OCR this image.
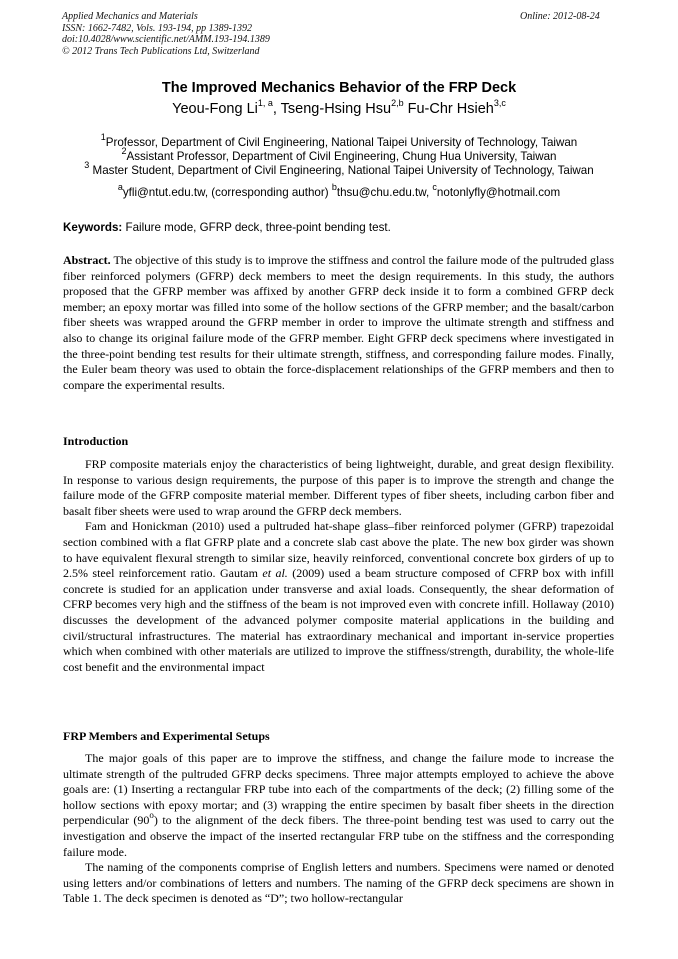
Applied Mechanics and Materials
ISSN: 1662-7482, Vols. 193-194, pp 1389-1392
doi:10.4028/www.scientific.net/AMM.193-194.1389
© 2012 Trans Tech Publications Ltd, Switzerland
Online: 2012-08-24
The Improved Mechanics Behavior of the FRP Deck
Yeou-Fong Li$^{1, a}$, Tseng-Hsing Hsu$^{2,b}$ Fu-Chr Hsieh$^{3,c}$
$^1$Professor, Department of Civil Engineering, National Taipei University of Technology, Taiwan
$^2$Assistant Professor, Department of Civil Engineering, Chung Hua University, Taiwan
$^3$ Master Student, Department of Civil Engineering, National Taipei University of Technology, Taiwan
$^a$yfli@ntut.edu.tw, (corresponding author) $^b$thsu@chu.edu.tw, $^c$notonlyfly@hotmail.com
Keywords: Failure mode, GFRP deck, three-point bending test.

Abstract. The objective of this study is to improve the stiffness and control the failure mode of the pultruded glass fiber reinforced polymers (GFRP) deck members to meet the design requirements. In this study, the authors proposed that the GFRP member was affixed by another GFRP deck inside it to form a combined GFRP deck member; an epoxy mortar was filled into some of the hollow sections of the GFRP member; and the basalt/carbon fiber sheets was wrapped around the GFRP member in order to improve the ultimate strength and stiffness and also to change its original failure mode of the GFRP member. Eight GFRP deck specimens where investigated in the three-point bending test results for their ultimate strength, stiffness, and corresponding failure modes. Finally, the Euler beam theory was used to obtain the force-displacement relationships of the GFRP members and then to compare the experimental results.

Introduction

FRP composite materials enjoy the characteristics of being lightweight, durable, and great design flexibility. In response to various design requirements, the purpose of this paper is to improve the strength and change the failure mode of the GFRP composite material member. Different types of fiber sheets, including carbon fiber and basalt fiber sheets were used to wrap around the GFRP deck members.

Fam and Honickman (2010) used a pultruded hat-shape glass–fiber reinforced polymer (GFRP) trapezoidal section combined with a flat GFRP plate and a concrete slab cast above the plate. The new box girder was shown to have equivalent flexural strength to similar size, heavily reinforced, conventional concrete box girders of up to 2.5% steel reinforcement ratio. Gautam et al. (2009) used a beam structure composed of CFRP box with infill concrete is studied for an application under transverse and axial loads. Consequently, the shear deformation of CFRP becomes very high and the stiffness of the beam is not improved even with concrete infill. Hollaway (2010) discusses the development of the advanced polymer composite material applications in the building and civil/structural infrastructures. The material has extraordinary mechanical and important in-service properties which when combined with other materials are utilized to improve the stiffness/strength, durability, the whole-life cost benefit and the environmental impact

FRP Members and Experimental Setups

The major goals of this paper are to improve the stiffness, and change the failure mode to increase the ultimate strength of the pultruded GFRP decks specimens. Three major attempts employed to achieve the above goals are: (1) Inserting a rectangular FRP tube into each of the compartments of the deck; (2) filling some of the hollow sections with epoxy mortar; and (3) wrapping the entire specimen by basalt fiber sheets in the direction perpendicular (90$^o$) to the alignment of the deck fibers. The three-point bending test was used to carry out the investigation and observe the impact of the inserted rectangular FRP tube on the stiffness and the corresponding failure mode.

The naming of the components comprise of English letters and numbers. Specimens were named or denoted using letters and/or combinations of letters and numbers. The naming of the GFRP deck specimens are shown in Table 1. The deck specimen is denoted as “D”; two hollow-rectangular
